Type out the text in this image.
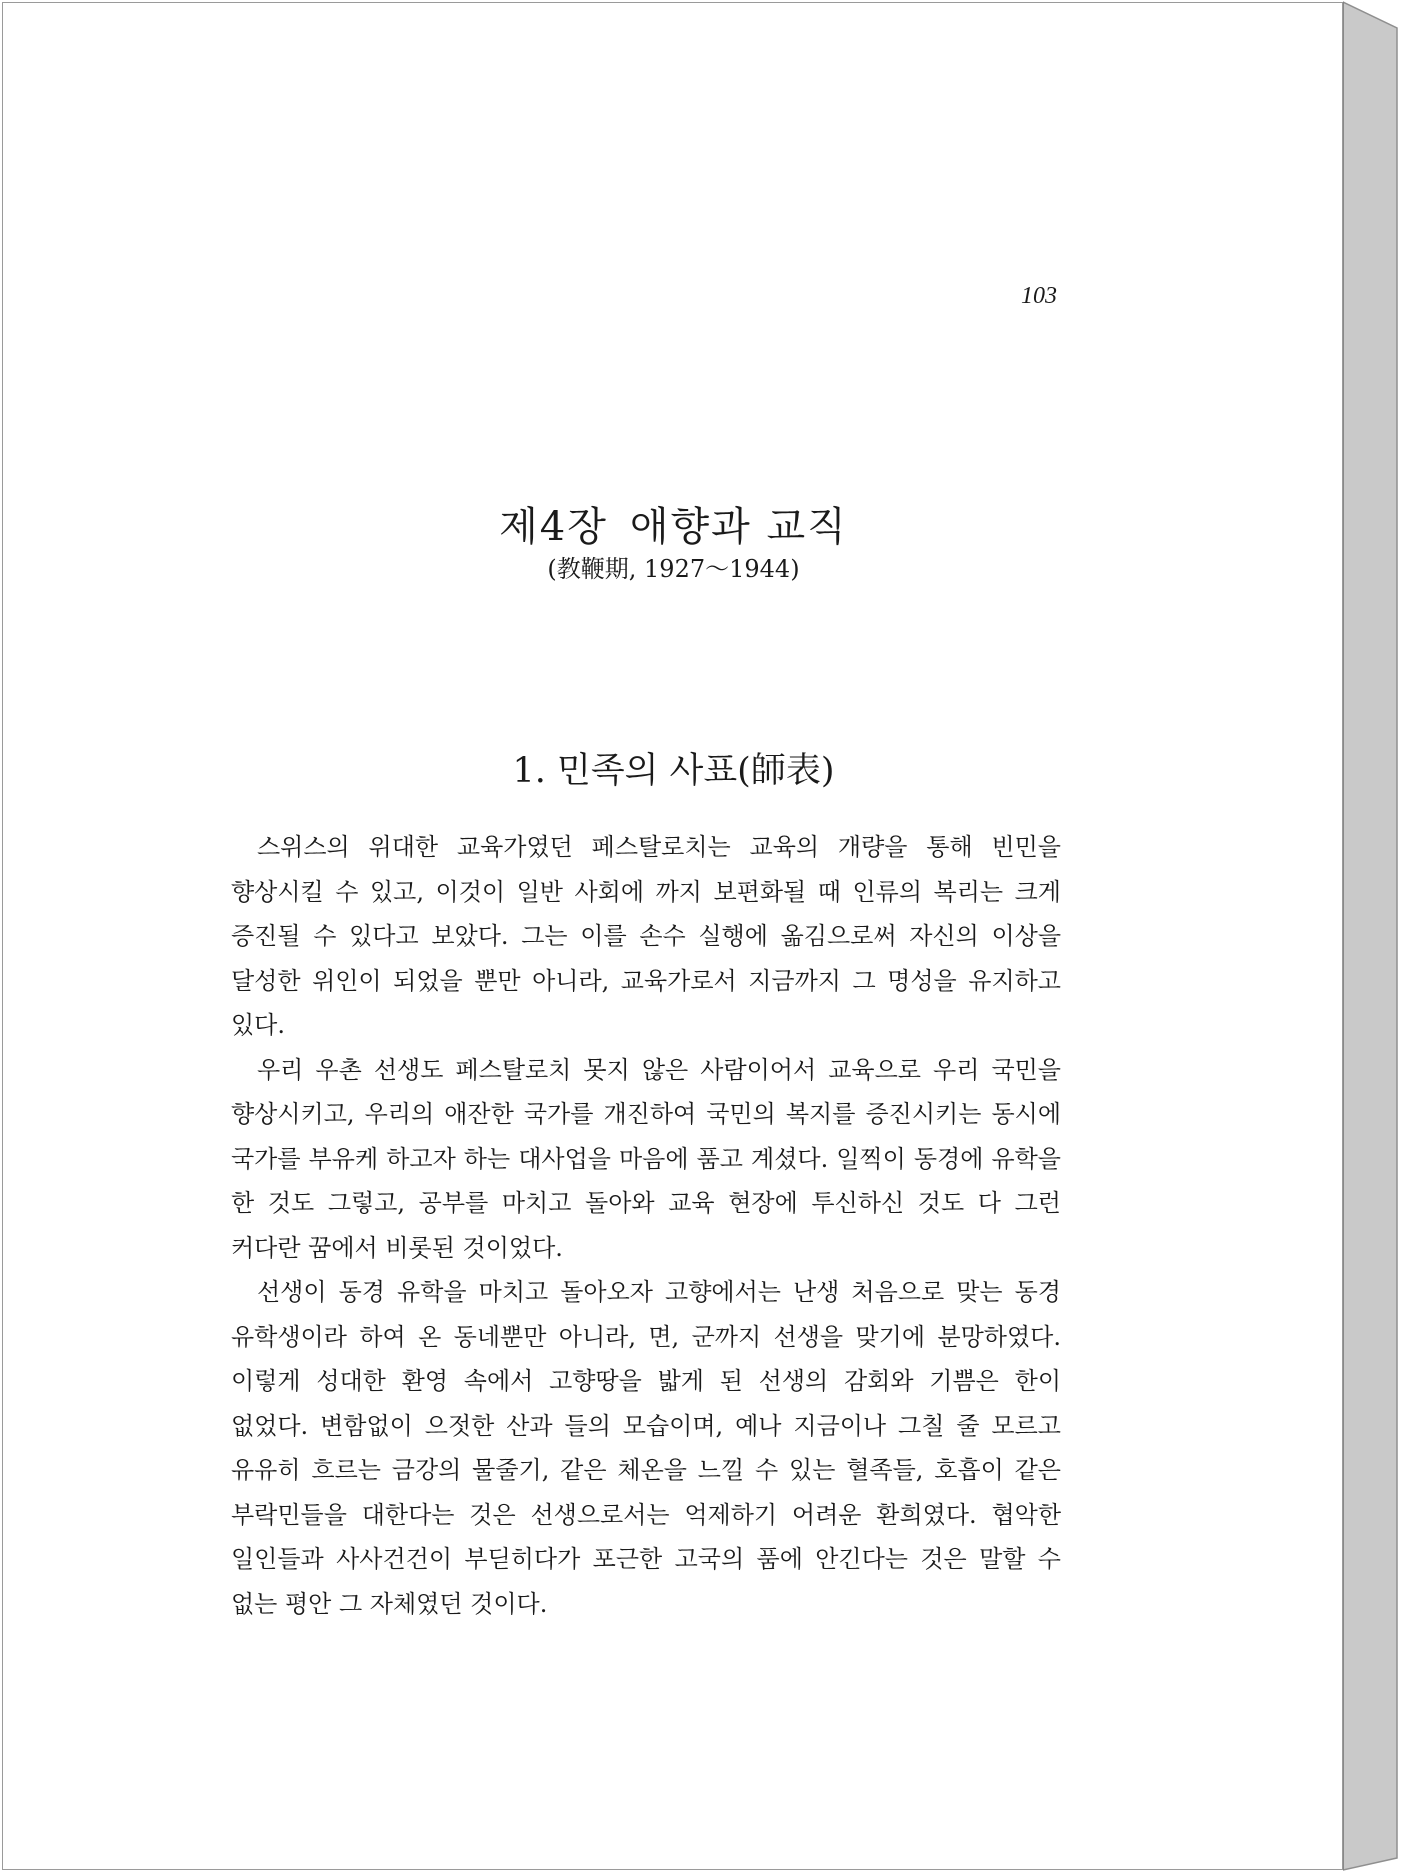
103
제4장 애향과 교직
(教鞭期, 1927～1944)
1. 민족의 사표(師表)

스위스의 위대한 교육가였던 페스탈로치는 교육의 개량을 통해 빈민을 향상시킬 수 있고, 이것이 일반 사회에 까지 보편화될 때 인류의 복리는 크게 증진될 수 있다고 보았다. 그는 이를 손수 실행에 옮김으로써 자신의 이상을 달성한 위인이 되었을 뿐만 아니라, 교육가로서 지금까지 그 명성을 유지하고 있다.

우리 우촌 선생도 페스탈로치 못지 않은 사람이어서 교육으로 우리 국민을 향상시키고, 우리의 애잔한 국가를 개진하여 국민의 복지를 증진시키는 동시에 국가를 부유케 하고자 하는 대사업을 마음에 품고 계셨다. 일찍이 동경에 유학을 한 것도 그렇고, 공부를 마치고 돌아와 교육 현장에 투신하신 것도 다 그런 커다란 꿈에서 비롯된 것이었다.

선생이 동경 유학을 마치고 돌아오자 고향에서는 난생 처음으로 맞는 동경 유학생이라 하여 온 동네뿐만 아니라, 면, 군까지 선생을 맞기에 분망하였다. 이렇게 성대한 환영 속에서 고향땅을 밟게 된 선생의 감회와 기쁨은 한이 없었다. 변함없이 으젓한 산과 들의 모습이며, 예나 지금이나 그칠 줄 모르고 유유히 흐르는 금강의 물줄기, 같은 체온을 느낄 수 있는 혈족들, 호흡이 같은 부락민들을 대한다는 것은 선생으로서는 억제하기 어려운 환희였다. 협악한 일인들과 사사건건이 부딛히다가 포근한 고국의 품에 안긴다는 것은 말할 수 없는 평안 그 자체였던 것이다.
